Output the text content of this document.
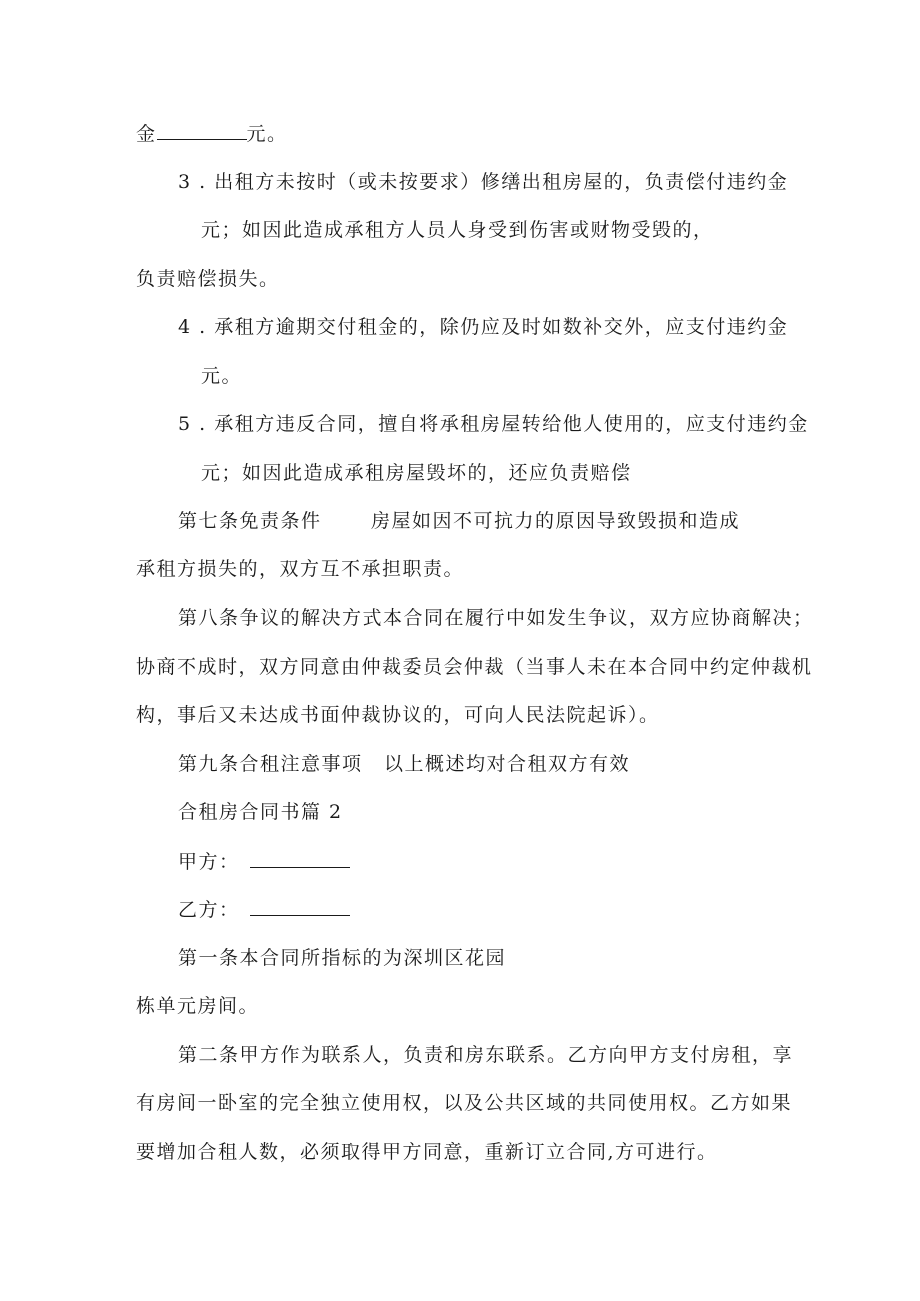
金	元。
3 . 出租方未按时（或未按要求）修缮出租房屋的，负责偿付违约金
元；如因此造成承租方人员人身受到伤害或财物受毁的，
负责赔偿损失。
4 . 承租方逾期交付租金的，除仍应及时如数补交外，应支付违约金
元。
5 . 承租方违反合同，擅自将承租房屋转给他人使用的，应支付违约金
元；如因此造成承租房屋毁坏的，还应负责赔偿
第七条免责条件	房屋如因不可抗力的原因导致毁损和造成
承租方损失的，双方互不承担职责。
第八条争议的解决方式本合同在履行中如发生争议，双方应协商解决；
协商不成时，双方同意由仲裁委员会仲裁（当事人未在本合同中约定仲裁机
构，事后又未达成书面仲裁协议的，可向人民法院起诉）。
第九条合租注意事项 以上概述均对合租双方有效
合租房合同书篇 2
甲方：
乙方：
第一条本合同所指标的为深圳区花园
栋单元房间。
第二条甲方作为联系人，负责和房东联系。乙方向甲方支付房租，享
有房间一卧室的完全独立使用权，以及公共区域的共同使用权。乙方如果
要增加合租人数，必须取得甲方同意，重新订立合同,方可进行。
